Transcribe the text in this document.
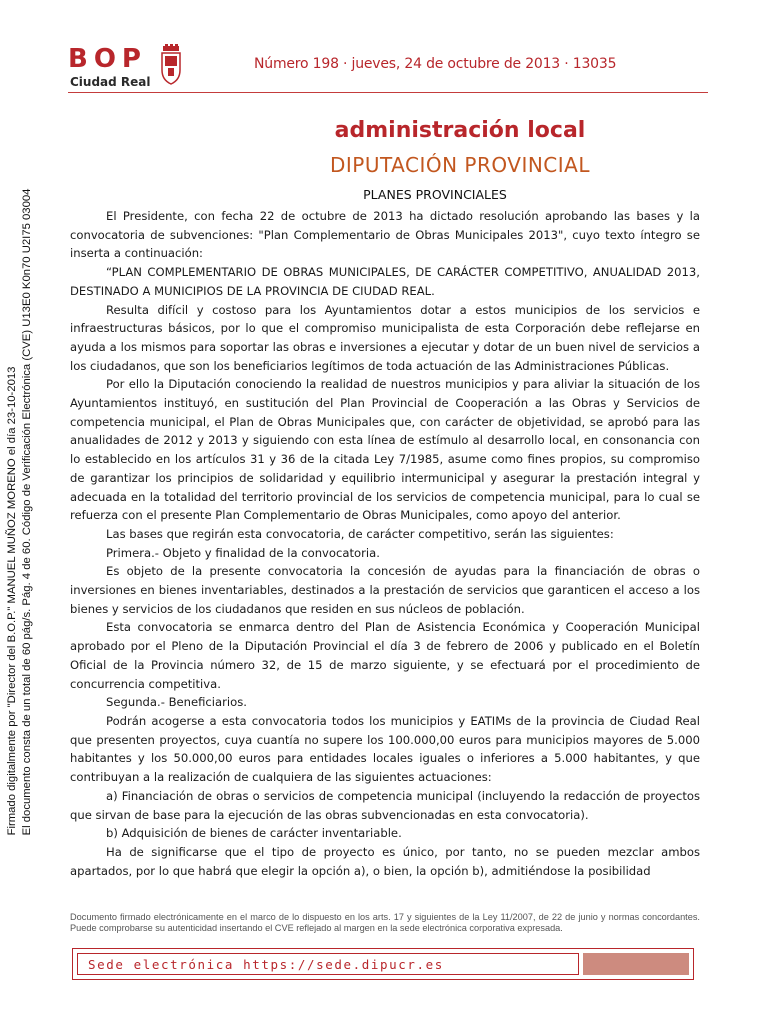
Firmado digitalmente por "Director del B.O.P." MANUEL MUÑOZ MORENO el día 23-10-2013 El documento consta de un total de 60 pág/s. Pág. 4 de 60. Código de Verificación Electrónica (CVE) U13E0 K0n70 U2I75 03004
BOP
Ciudad Real
Número 198 · jueves, 24 de octubre de 2013 · 13035
administración local
DIPUTACIÓN PROVINCIAL
PLANES PROVINCIALES

El Presidente, con fecha 22 de octubre de 2013 ha dictado resolución aprobando las bases y la convocatoria de subvenciones: "Plan Complementario de Obras Municipales 2013", cuyo texto íntegro se inserta a continuación:

“PLAN COMPLEMENTARIO DE OBRAS MUNICIPALES, DE CARÁCTER COMPETITIVO, ANUALIDAD 2013, DESTINADO A MUNICIPIOS DE LA PROVINCIA DE CIUDAD REAL.

Resulta difícil y costoso para los Ayuntamientos dotar a estos municipios de los servicios e infraestructuras básicos, por lo que el compromiso municipalista de esta Corporación debe reflejarse en ayuda a los mismos para soportar las obras e inversiones a ejecutar y dotar de un buen nivel de servicios a los ciudadanos, que son los beneficiarios legítimos de toda actuación de las Administraciones Públicas.

Por ello la Diputación conociendo la realidad de nuestros municipios y para aliviar la situación de los Ayuntamientos instituyó, en sustitución del Plan Provincial de Cooperación a las Obras y Servicios de competencia municipal, el Plan de Obras Municipales que, con carácter de objetividad, se aprobó para las anualidades de 2012 y 2013 y siguiendo con esta línea de estímulo al desarrollo local, en consonancia con lo establecido en los artículos 31 y 36 de la citada Ley 7/1985, asume como fines propios, su compromiso de garantizar los principios de solidaridad y equilibrio intermunicipal y asegurar la prestación integral y adecuada en la totalidad del territorio provincial de los servicios de competencia municipal, para lo cual se refuerza con el presente Plan Complementario de Obras Municipales, como apoyo del anterior.

Las bases que regirán esta convocatoria, de carácter competitivo, serán las siguientes:

Primera.- Objeto y finalidad de la convocatoria.

Es objeto de la presente convocatoria la concesión de ayudas para la financiación de obras o inversiones en bienes inventariables, destinados a la prestación de servicios que garanticen el acceso a los bienes y servicios de los ciudadanos que residen en sus núcleos de población.

Esta convocatoria se enmarca dentro del Plan de Asistencia Económica y Cooperación Municipal aprobado por el Pleno de la Diputación Provincial el día 3 de febrero de 2006 y publicado en el Boletín Oficial de la Provincia número 32, de 15 de marzo siguiente, y se efectuará por el procedimiento de concurrencia competitiva.

Segunda.- Beneficiarios.

Podrán acogerse a esta convocatoria todos los municipios y EATIMs de la provincia de Ciudad Real que presenten proyectos, cuya cuantía no supere los 100.000,00 euros para municipios mayores de 5.000 habitantes y los 50.000,00 euros para entidades locales iguales o inferiores a 5.000 habitantes, y que contribuyan a la realización de cualquiera de las siguientes actuaciones:

a) Financiación de obras o servicios de competencia municipal (incluyendo la redacción de proyectos que sirvan de base para la ejecución de las obras subvencionadas en esta convocatoria).

b) Adquisición de bienes de carácter inventariable.

Ha de significarse que el tipo de proyecto es único, por tanto, no se pueden mezclar ambos apartados, por lo que habrá que elegir la opción a), o bien, la opción b), admitiéndose la posibilidad

Documento firmado electrónicamente en el marco de lo dispuesto en los arts. 17 y siguientes de la Ley 11/2007, de 22 de junio y normas concordantes. Puede comprobarse su autenticidad insertando el CVE reflejado al margen en la sede electrónica corporativa expresada.
Sede electrónica https://sede.dipucr.es
